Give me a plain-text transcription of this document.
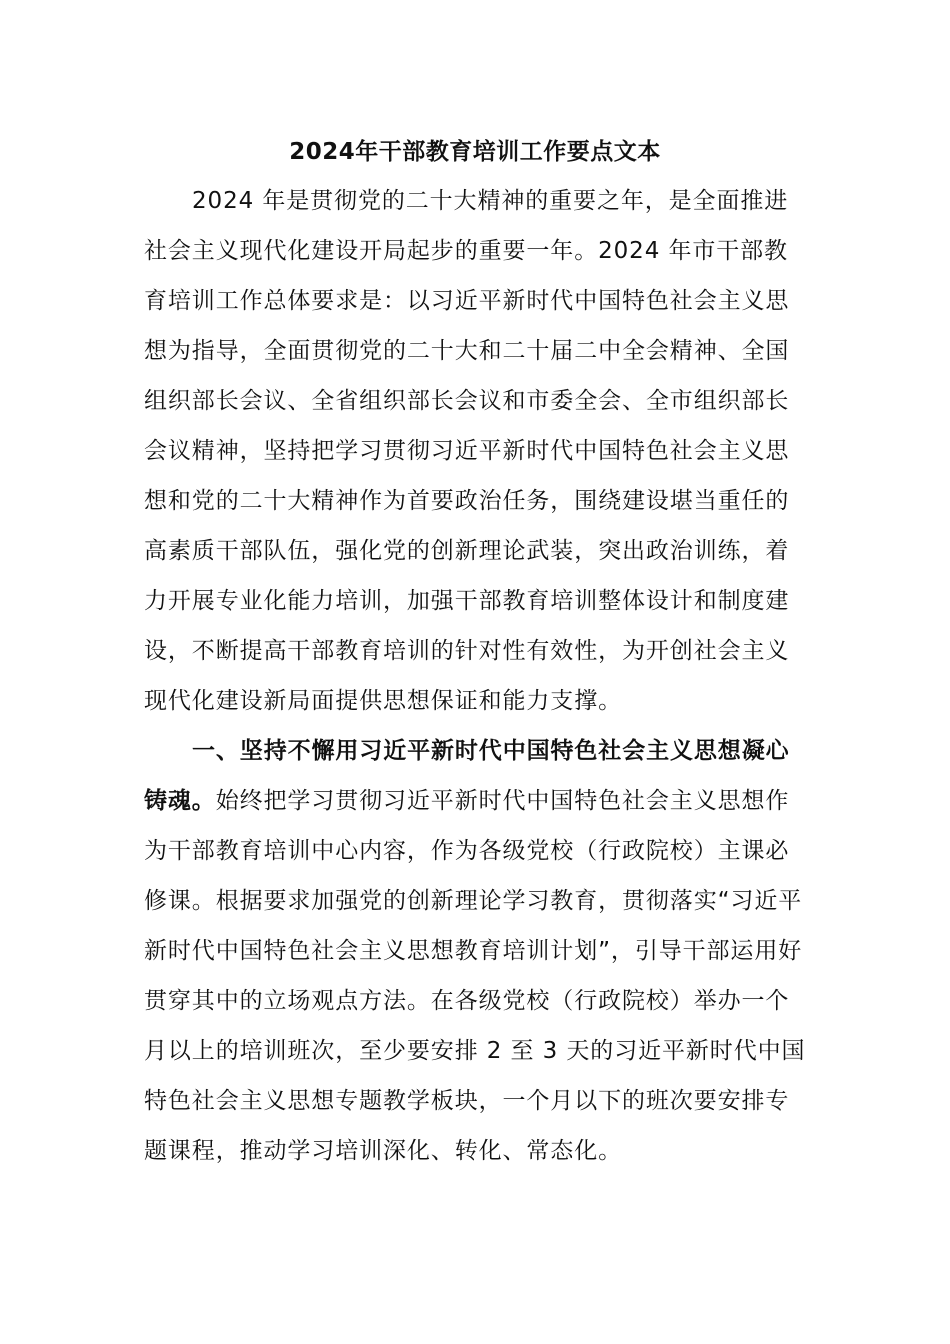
2024年干部教育培训工作要点文本
2024 年是贯彻党的二十大精神的重要之年，是全面推进
社会主义现代化建设开局起步的重要一年。2024 年市干部教
育培训工作总体要求是：以习近平新时代中国特色社会主义思
想为指导，全面贯彻党的二十大和二十届二中全会精神、全国
组织部长会议、全省组织部长会议和市委全会、全市组织部长
会议精神，坚持把学习贯彻习近平新时代中国特色社会主义思
想和党的二十大精神作为首要政治任务，围绕建设堪当重任的
高素质干部队伍，强化党的创新理论武装，突出政治训练，着
力开展专业化能力培训，加强干部教育培训整体设计和制度建
设，不断提高干部教育培训的针对性有效性，为开创社会主义
现代化建设新局面提供思想保证和能力支撑。
一、坚持不懈用习近平新时代中国特色社会主义思想凝心
铸魂。始终把学习贯彻习近平新时代中国特色社会主义思想作
为干部教育培训中心内容，作为各级党校（行政院校）主课必
修课。根据要求加强党的创新理论学习教育，贯彻落实“习近平
新时代中国特色社会主义思想教育培训计划”，引导干部运用好
贯穿其中的立场观点方法。在各级党校（行政院校）举办一个
月以上的培训班次，至少要安排 2 至 3 天的习近平新时代中国
特色社会主义思想专题教学板块，一个月以下的班次要安排专
题课程，推动学习培训深化、转化、常态化。
